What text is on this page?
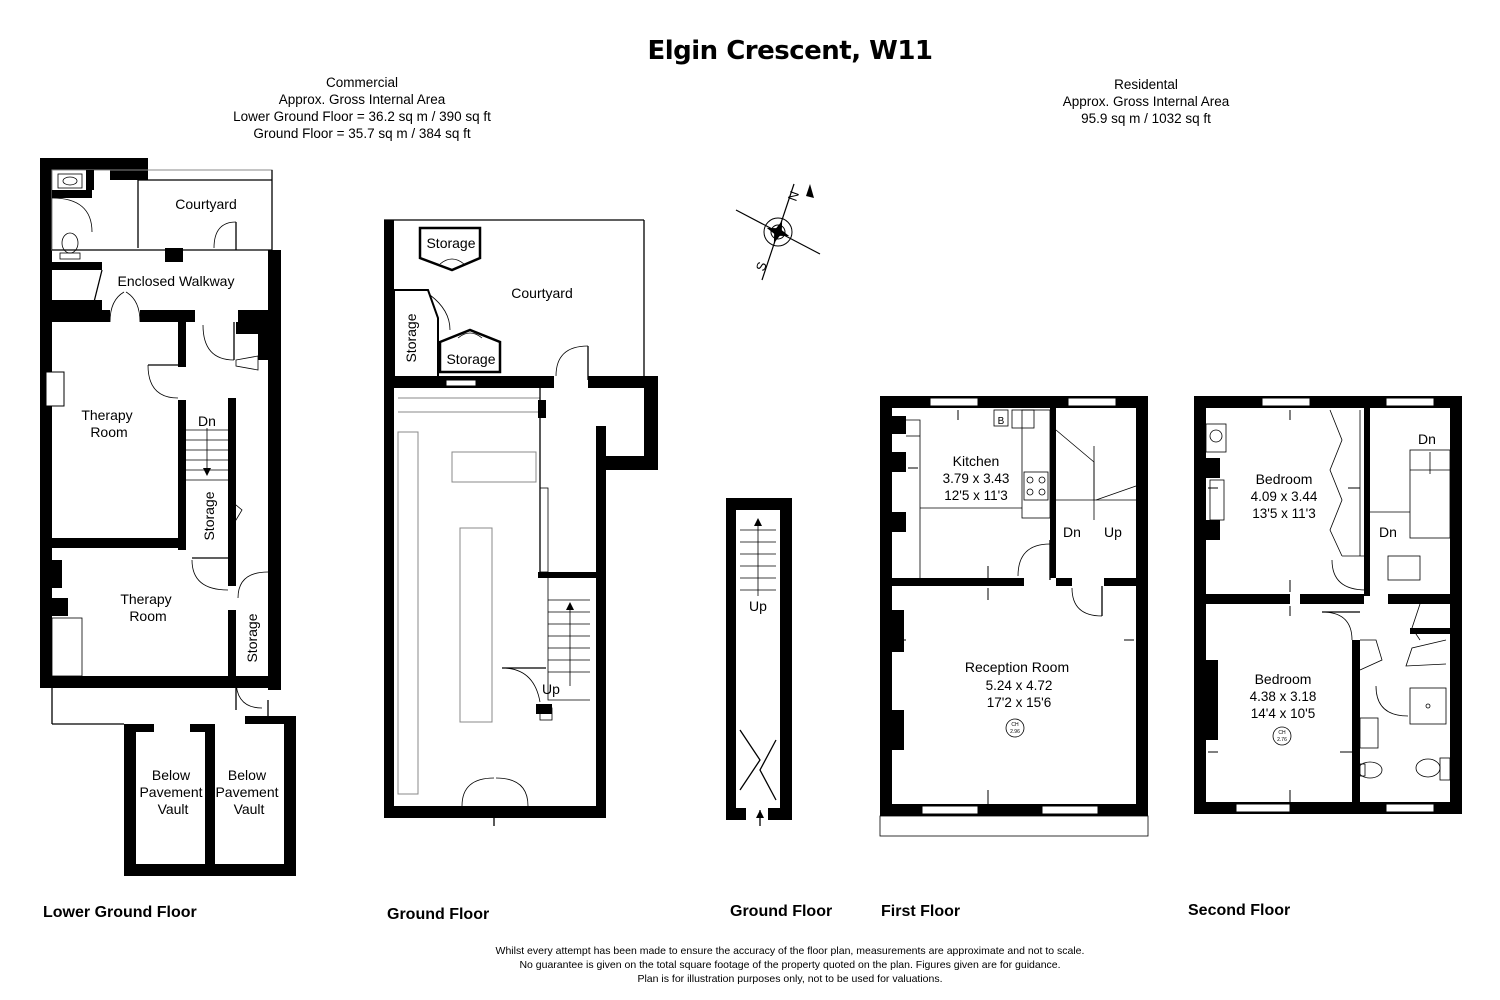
Elgin Crescent, W11
Commercial
Approx. Gross Internal Area
Lower Ground Floor = 36.2 sq m / 390 sq ft
Ground Floor = 35.7 sq m / 384 sq ft
Residental
Approx. Gross Internal Area
95.9 sq m / 1032 sq ft
N
S
Courtyard
Enclosed Walkway
Therapy
Room
Dn
Storage
Therapy
Room	Storage
Below
Pavement
Vault
Below
Pavement
Vault
Storage
Courtyard
Storage Storage
Up
Up
CH
2.96
B
Kitchen
3.79 x 3.43
12'5 x 11'3
Dn Up
Reception Room
5.24 x 4.72
17'2 x 15'6
CH
2.76
Bedroom
4.09 x 3.44
13'5 x 11'3
Dn
Dn
Bedroom
4.38 x 3.18
14'4 x 10'5
Lower Ground Floor	Ground Floor	Ground Floor	First Floor	Second Floor
Whilst every attempt has been made to ensure the accuracy of the floor plan, measurements are approximate and not to scale.
No guarantee is given on the total square footage of the property quoted on the plan. Figures given are for guidance.
Plan is for illustration purposes only, not to be used for valuations.
